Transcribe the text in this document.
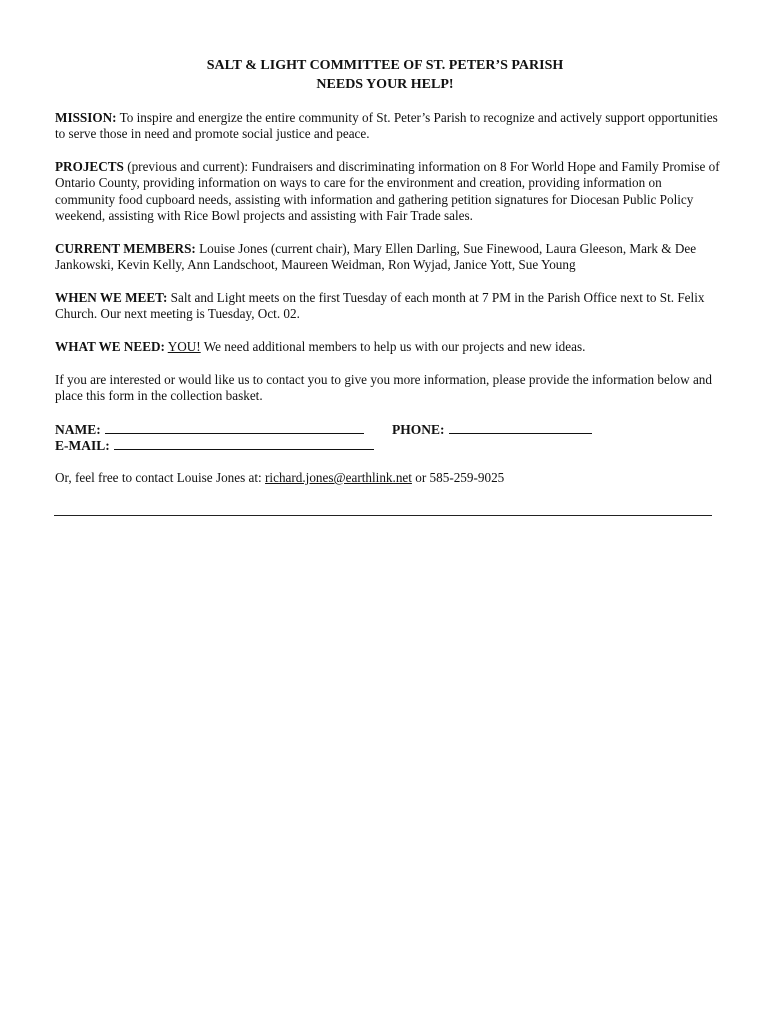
SALT & LIGHT COMMITTEE OF ST. PETER’S PARISH
NEEDS YOUR HELP!
MISSION: To inspire and energize the entire community of St. Peter’s Parish to recognize and actively support opportunities to serve those in need and promote social justice and peace.
PROJECTS (previous and current): Fundraisers and discriminating information on 8 For World Hope and Family Promise of Ontario County, providing information on ways to care for the environment and creation, providing information on community food cupboard needs, assisting with information and gathering petition signatures for Diocesan Public Policy weekend, assisting with Rice Bowl projects and assisting with Fair Trade sales.
CURRENT MEMBERS: Louise Jones (current chair), Mary Ellen Darling, Sue Finewood, Laura Gleeson, Mark & Dee Jankowski, Kevin Kelly, Ann Landschoot, Maureen Weidman, Ron Wyjad, Janice Yott, Sue Young
WHEN WE MEET: Salt and Light meets on the first Tuesday of each month at 7 PM in the Parish Office next to St. Felix Church. Our next meeting is Tuesday, Oct. 02.
WHAT WE NEED: YOU! We need additional members to help us with our projects and new ideas.
If you are interested or would like us to contact you to give you more information, please provide the information below and place this form in the collection basket.
NAME:	PHONE:
E-MAIL:
Or, feel free to contact Louise Jones at: richard.jones@earthlink.net or 585-259-9025
